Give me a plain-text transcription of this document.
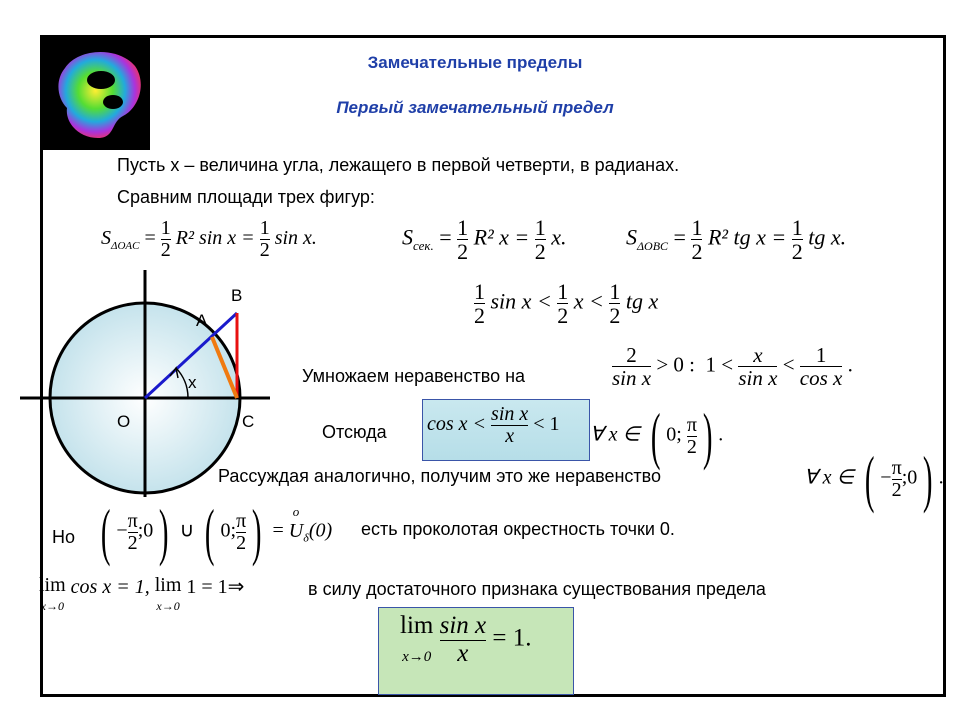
Замечательные пределы
Первый замечательный предел
Пусть x – величина угла, лежащего в первой четверти, в радианах.
Сравним площади трех фигур:
$S_{\Delta OAC} = \frac{1}{2} R^2$ $\sin x = \frac{1}{2}$ sin x.	$S_{сек.} = \frac{1}{2} R^2$ $x = \frac{1}{2} x$.	$S_{\Delta OBC} = \frac{1}{2} R^2$ tg $x = \frac{1}{2}$ tg x.
$\frac{1}{2}$ $\sin x < \frac{1}{2}$ $x < \frac{1}{2}$ tg x
B
A
x
O	C
Умножаем неравенство на	$\frac{2}{\text{sin x}} > 0$ : $1 < \frac{x}{\text{sin x}} < \frac{1}{\text{cos x}}$ .
Отсюда $\cos x < \frac{\text{sin x}}{x} < 1$ ∀ x ∈ ( 0; $\frac{\pi}{2}$ ) .
Рассуждая аналогично, получим это же неравенство	∀ x ∈ ( − $\frac{\pi}{2}$ ;0) .
Но ( − $\frac{\pi}{2}$ ;0) ∪ ( 0; $\frac{\pi}{2}$ ) =
o
$U_\delta(0)$ есть проколотая окрестность точки 0.
lim
$^{x\to 0}$ cos x = 1, lim
$^{x\to 0}$ 1 = 1⇒	в силу достаточного признака существования предела
lim
$x\to 0 \frac{\text{sin x}}{x} = 1$.
